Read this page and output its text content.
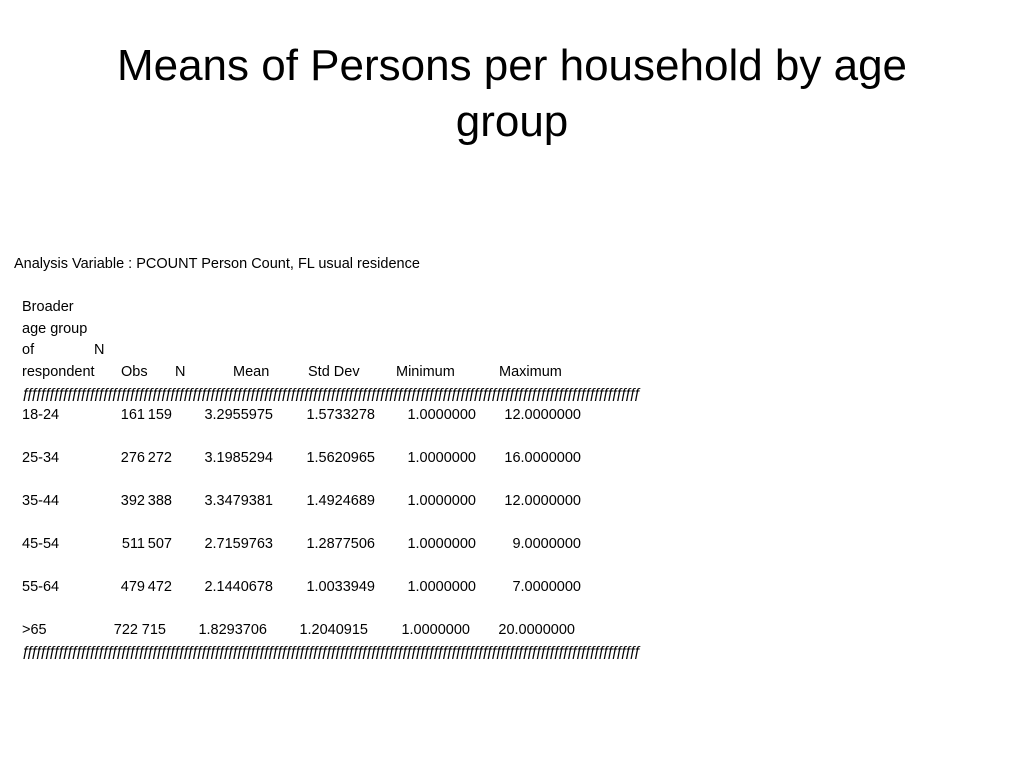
Means of Persons per household by age group
Analysis Variable : PCOUNT Person Count, FL usual residence
Broader
age group
of	N
respondent Obs N	Mean	Std Dev	Minimum	Maximum
ƒƒƒƒƒƒƒƒƒƒƒƒƒƒƒƒƒƒƒƒƒƒƒƒƒƒƒƒƒƒƒƒƒƒƒƒƒƒƒƒƒƒƒƒƒƒƒƒƒƒƒƒƒƒƒƒƒƒƒƒƒƒƒƒƒƒƒƒƒƒƒƒƒƒƒƒƒƒƒƒƒƒƒƒƒƒƒƒƒƒƒƒƒƒƒƒƒƒƒƒƒƒƒƒƒƒƒƒƒƒƒƒƒƒƒƒƒƒƒƒƒƒƒƒƒƒƒƒƒƒƒƒƒƒƒƒƒƒ
18-24	161 159 3.2955975 1.5733278 1.0000000 12.0000000
25-34	276 272 3.1985294 1.5620965 1.0000000 16.0000000
35-44	392 388 3.3479381 1.4924689 1.0000000 12.0000000
45-54	511 507 2.7159763 1.2877506 1.0000000	9.0000000
55-64	479 472 2.1440678 1.0033949 1.0000000	7.0000000
>65	722 715 1.8293706 1.2040915 1.0000000 20.0000000
ƒƒƒƒƒƒƒƒƒƒƒƒƒƒƒƒƒƒƒƒƒƒƒƒƒƒƒƒƒƒƒƒƒƒƒƒƒƒƒƒƒƒƒƒƒƒƒƒƒƒƒƒƒƒƒƒƒƒƒƒƒƒƒƒƒƒƒƒƒƒƒƒƒƒƒƒƒƒƒƒƒƒƒƒƒƒƒƒƒƒƒƒƒƒƒƒƒƒƒƒƒƒƒƒƒƒƒƒƒƒƒƒƒƒƒƒƒƒƒƒƒƒƒƒƒƒƒƒƒƒƒƒƒƒƒƒƒƒ
